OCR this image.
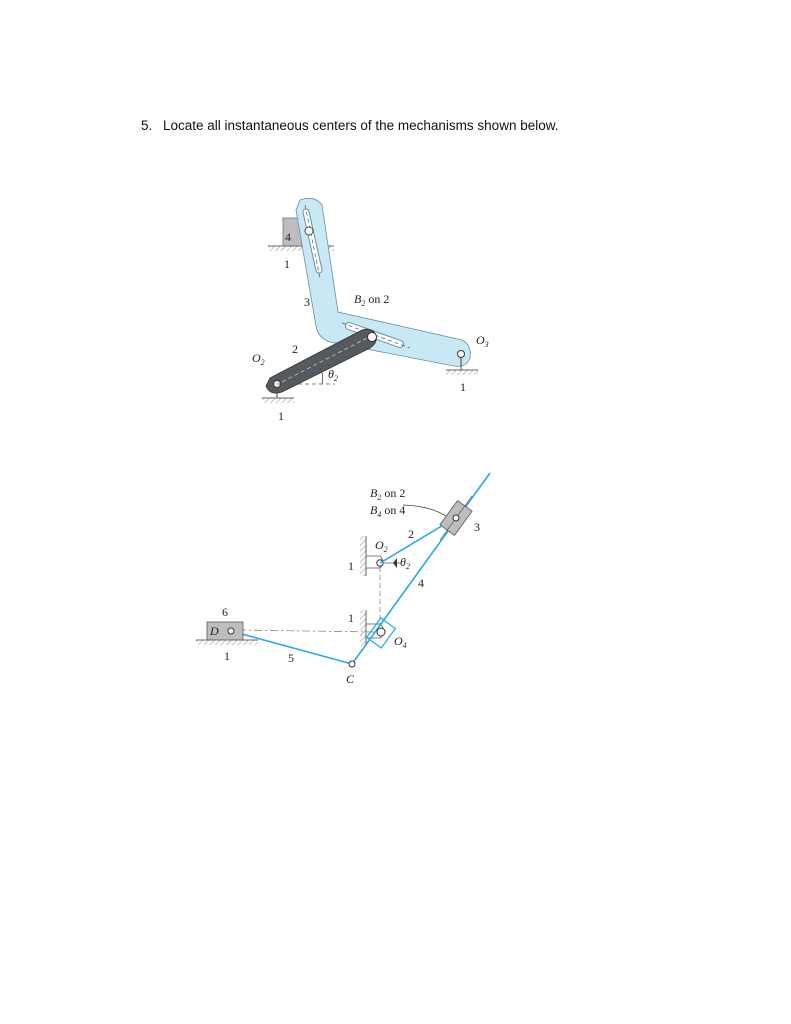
5. Locate all instantaneous centers of the mechanisms shown below.
4
1
3	$B_2$ on 2
$O_2$
2
$\theta_2$
1
$O_3$
1
$B_2$ on 2
$B_4$ on 4
2	3
$O_2$
$\theta_2$
1
4
1
$O_4$
6
D
1	5
C
